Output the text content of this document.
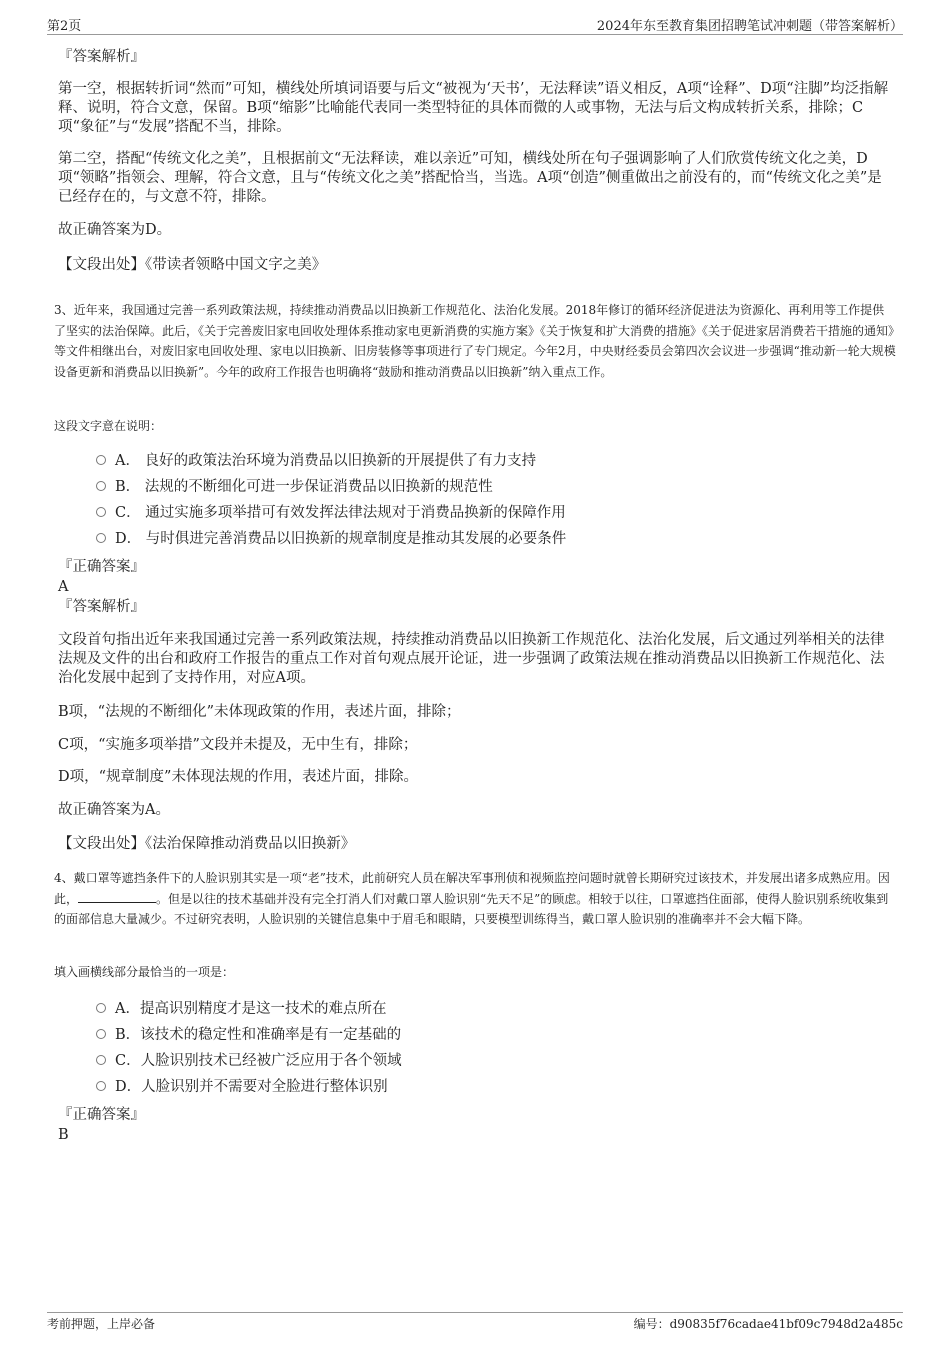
第2页	2024年东至教育集团招聘笔试冲刺题（带答案解析）

『答案解析』

第一空，根据转折词“然而”可知，横线处所填词语要与后文“被视为‘天书’，无法释读”语义相反，A项“诠释”、D项“注脚”均泛指解释、说明，符合文意，保留。B项“缩影”比喻能代表同一类型特征的具体而微的人或事物，无法与后文构成转折关系，排除；C项“象征”与“发展”搭配不当，排除。

第二空，搭配“传统文化之美”，且根据前文“无法释读，难以亲近”可知，横线处所在句子强调影响了人们欣赏传统文化之美，D项“领略”指领会、理解，符合文意，且与“传统文化之美”搭配恰当，当选。A项“创造”侧重做出之前没有的，而“传统文化之美”是已经存在的，与文意不符，排除。

故正确答案为D。

【文段出处】《带读者领略中国文字之美》

3、近年来，我国通过完善一系列政策法规，持续推动消费品以旧换新工作规范化、法治化发展。2018年修订的循环经济促进法为资源化、再利用等工作提供了坚实的法治保障。此后，《关于完善废旧家电回收处理体系推动家电更新消费的实施方案》《关于恢复和扩大消费的措施》《关于促进家居消费若干措施的通知》等文件相继出台，对废旧家电回收处理、家电以旧换新、旧房装修等事项进行了专门规定。今年2月，中央财经委员会第四次会议进一步强调“推动新一轮大规模设备更新和消费品以旧换新”。今年的政府工作报告也明确将“鼓励和推动消费品以旧换新”纳入重点工作。

这段文字意在说明：

A． 良好的政策法治环境为消费品以旧换新的开展提供了有力支持
B． 法规的不断细化可进一步保证消费品以旧换新的规范性
C． 通过实施多项举措可有效发挥法律法规对于消费品换新的保障作用
D． 与时俱进完善消费品以旧换新的规章制度是推动其发展的必要条件

『正确答案』

A

『答案解析』

文段首句指出近年来我国通过完善一系列政策法规，持续推动消费品以旧换新工作规范化、法治化发展，后文通过列举相关的法律法规及文件的出台和政府工作报告的重点工作对首句观点展开论证，进一步强调了政策法规在推动消费品以旧换新工作规范化、法治化发展中起到了支持作用，对应A项。

B项，“法规的不断细化”未体现政策的作用，表述片面，排除；

C项，“实施多项举措”文段并未提及，无中生有，排除；

D项，“规章制度”未体现法规的作用，表述片面，排除。

故正确答案为A。

【文段出处】《法治保障推动消费品以旧换新》

4、戴口罩等遮挡条件下的人脸识别其实是一项“老”技术，此前研究人员在解决军事刑侦和视频监控问题时就曾长期研究过该技术，并发展出诸多成熟应用。因此，	。但是以往的技术基础并没有完全打消人们对戴口罩人脸识别“先天不足”的顾虑。相较于以往，口罩遮挡住面部，使得人脸识别系统收集到的面部信息大量减少。不过研究表明，人脸识别的关键信息集中于眉毛和眼睛，只要模型训练得当，戴口罩人脸识别的准确率并不会大幅下降。

填入画横线部分最恰当的一项是：

A．提高识别精度才是这一技术的难点所在
B．该技术的稳定性和准确率是有一定基础的
C．人脸识别技术已经被广泛应用于各个领域
D．人脸识别并不需要对全脸进行整体识别

『正确答案』

B

考前押题，上岸必备	编号：d90835f76cadae41bf09c7948d2a485c
